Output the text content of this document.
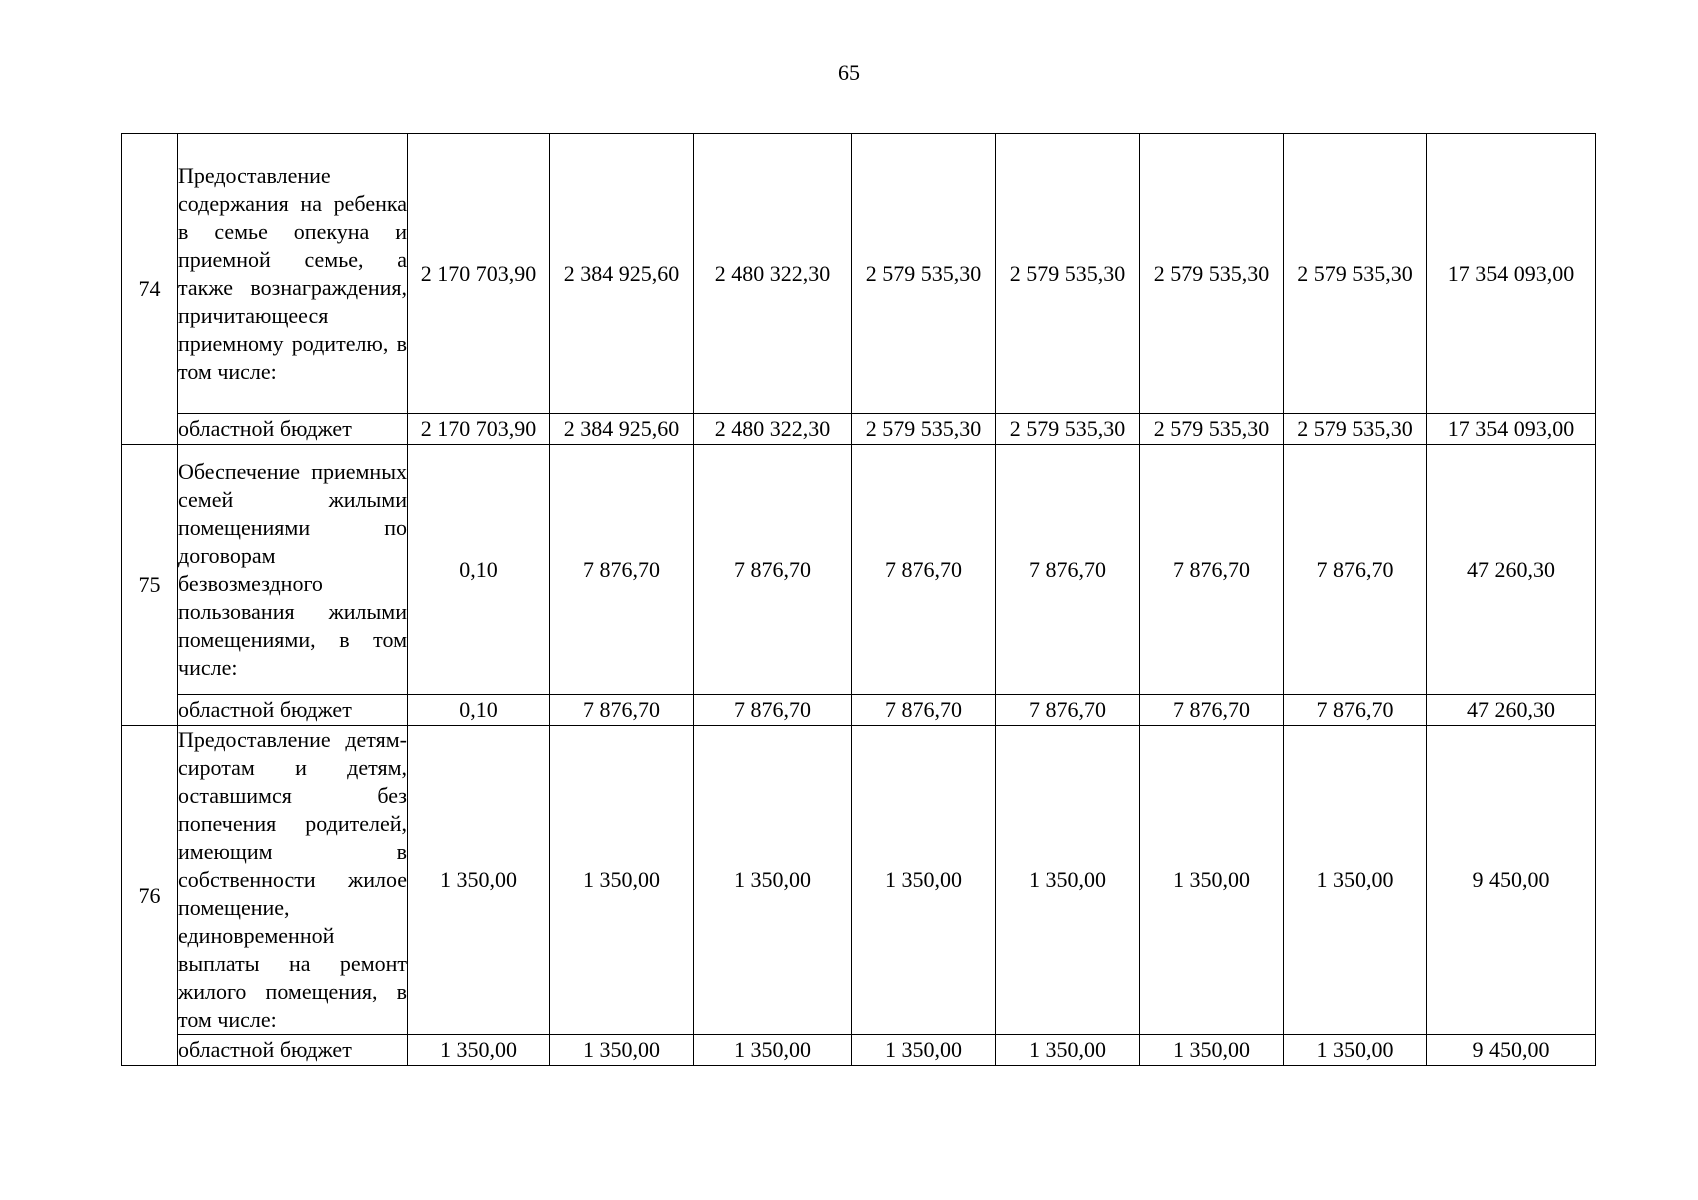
65
74	Предоставление содержания на ребенка в семье опекуна и приемной семье, а также вознаграждения, причитающееся приемному родителю, в том числе:	2 170 703,90	2 384 925,60	2 480 322,30	2 579 535,30	2 579 535,30	2 579 535,30	2 579 535,30	17 354 093,00
	областной бюджет	2 170 703,90	2 384 925,60	2 480 322,30	2 579 535,30	2 579 535,30	2 579 535,30	2 579 535,30	17 354 093,00
75	Обеспечение приемных семей жилыми помещениями по договорам безвозмездного пользования жилыми помещениями, в том числе:	0,10	7 876,70	7 876,70	7 876,70	7 876,70	7 876,70	7 876,70	47 260,30
	областной бюджет	0,10	7 876,70	7 876,70	7 876,70	7 876,70	7 876,70	7 876,70	47 260,30
76	Предоставление детям-сиротам и детям, оставшимся без попечения родителей, имеющим в собственности жилое помещение, единовременной выплаты на ремонт жилого помещения, в том числе:	1 350,00	1 350,00	1 350,00	1 350,00	1 350,00	1 350,00	1 350,00	9 450,00
	областной бюджет	1 350,00	1 350,00	1 350,00	1 350,00	1 350,00	1 350,00	1 350,00	9 450,00
